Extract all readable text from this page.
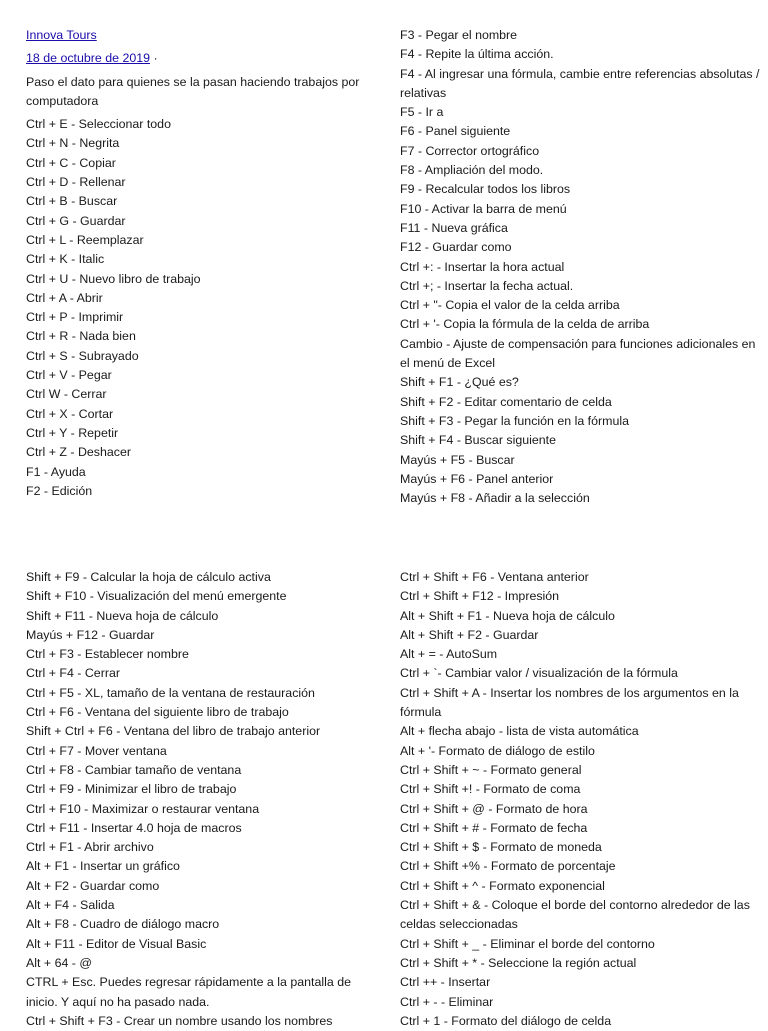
Innova Tours
18 de octubre de 2019 ·
Paso el dato para quienes se la pasan haciendo trabajos por computadora
Ctrl + E - Seleccionar todo
Ctrl + N - Negrita
Ctrl + C - Copiar
Ctrl + D - Rellenar
Ctrl + B - Buscar
Ctrl + G - Guardar
Ctrl + L - Reemplazar
Ctrl + K - Italic
Ctrl + U - Nuevo libro de trabajo
Ctrl + A - Abrir
Ctrl + P - Imprimir
Ctrl + R - Nada bien
Ctrl + S - Subrayado
Ctrl + V - Pegar
Ctrl W - Cerrar
Ctrl + X - Cortar
Ctrl + Y - Repetir
Ctrl + Z - Deshacer
F1 - Ayuda
F2 - Edición
F3 - Pegar el nombre
F4 - Repite la última acción.
F4 - Al ingresar una fórmula, cambie entre referencias absolutas / relativas
F5 - Ir a
F6 - Panel siguiente
F7 - Corrector ortográfico
F8 - Ampliación del modo.
F9 - Recalcular todos los libros
F10 - Activar la barra de menú
F11 - Nueva gráfica
F12 - Guardar como
Ctrl +: - Insertar la hora actual
Ctrl +; - Insertar la fecha actual.
Ctrl + "- Copia el valor de la celda arriba
Ctrl + '- Copia la fórmula de la celda de arriba
Cambio - Ajuste de compensación para funciones adicionales en el menú de Excel
Shift + F1 - ¿Qué es?
Shift + F2 - Editar comentario de celda
Shift + F3 - Pegar la función en la fórmula
Shift + F4 - Buscar siguiente
Mayús + F5 - Buscar
Mayús + F6 - Panel anterior
Mayús + F8 - Añadir a la selección
Shift + F9 - Calcular la hoja de cálculo activa
Shift + F10 - Visualización del menú emergente
Shift + F11 - Nueva hoja de cálculo
Mayús + F12 - Guardar
Ctrl + F3 - Establecer nombre
Ctrl + F4 - Cerrar
Ctrl + F5 - XL, tamaño de la ventana de restauración
Ctrl + F6 - Ventana del siguiente libro de trabajo
Shift + Ctrl + F6 - Ventana del libro de trabajo anterior
Ctrl + F7 - Mover ventana
Ctrl + F8 - Cambiar tamaño de ventana
Ctrl + F9 - Minimizar el libro de trabajo
Ctrl + F10 - Maximizar o restaurar ventana
Ctrl + F11 - Insertar 4.0 hoja de macros
Ctrl + F1 - Abrir archivo
Alt + F1 - Insertar un gráfico
Alt + F2 - Guardar como
Alt + F4 - Salida
Alt + F8 - Cuadro de diálogo macro
Alt + F11 - Editor de Visual Basic
Alt + 64 - @
CTRL + Esc. Puedes regresar rápidamente a la pantalla de inicio. Y aquí no ha pasado nada.
Ctrl + Shift + F3 - Crear un nombre usando los nombres
Ctrl + Shift + F6 - Ventana anterior
Ctrl + Shift + F12 - Impresión
Alt + Shift + F1 - Nueva hoja de cálculo
Alt + Shift + F2 - Guardar
Alt + = - AutoSum
Ctrl + `- Cambiar valor / visualización de la fórmula
Ctrl + Shift + A - Insertar los nombres de los argumentos en la fórmula
Alt + flecha abajo - lista de vista automática
Alt + '- Formato de diálogo de estilo
Ctrl + Shift + ~ - Formato general
Ctrl + Shift +! - Formato de coma
Ctrl + Shift + @ - Formato de hora
Ctrl + Shift + # - Formato de fecha
Ctrl + Shift + $ - Formato de moneda
Ctrl + Shift +% - Formato de porcentaje
Ctrl + Shift + ^ - Formato exponencial
Ctrl + Shift + & - Coloque el borde del contorno alrededor de las celdas seleccionadas
Ctrl + Shift + _ - Eliminar el borde del contorno
Ctrl + Shift + * - Seleccione la región actual
Ctrl ++ - Insertar
Ctrl + - - Eliminar
Ctrl + 1 - Formato del diálogo de celda
